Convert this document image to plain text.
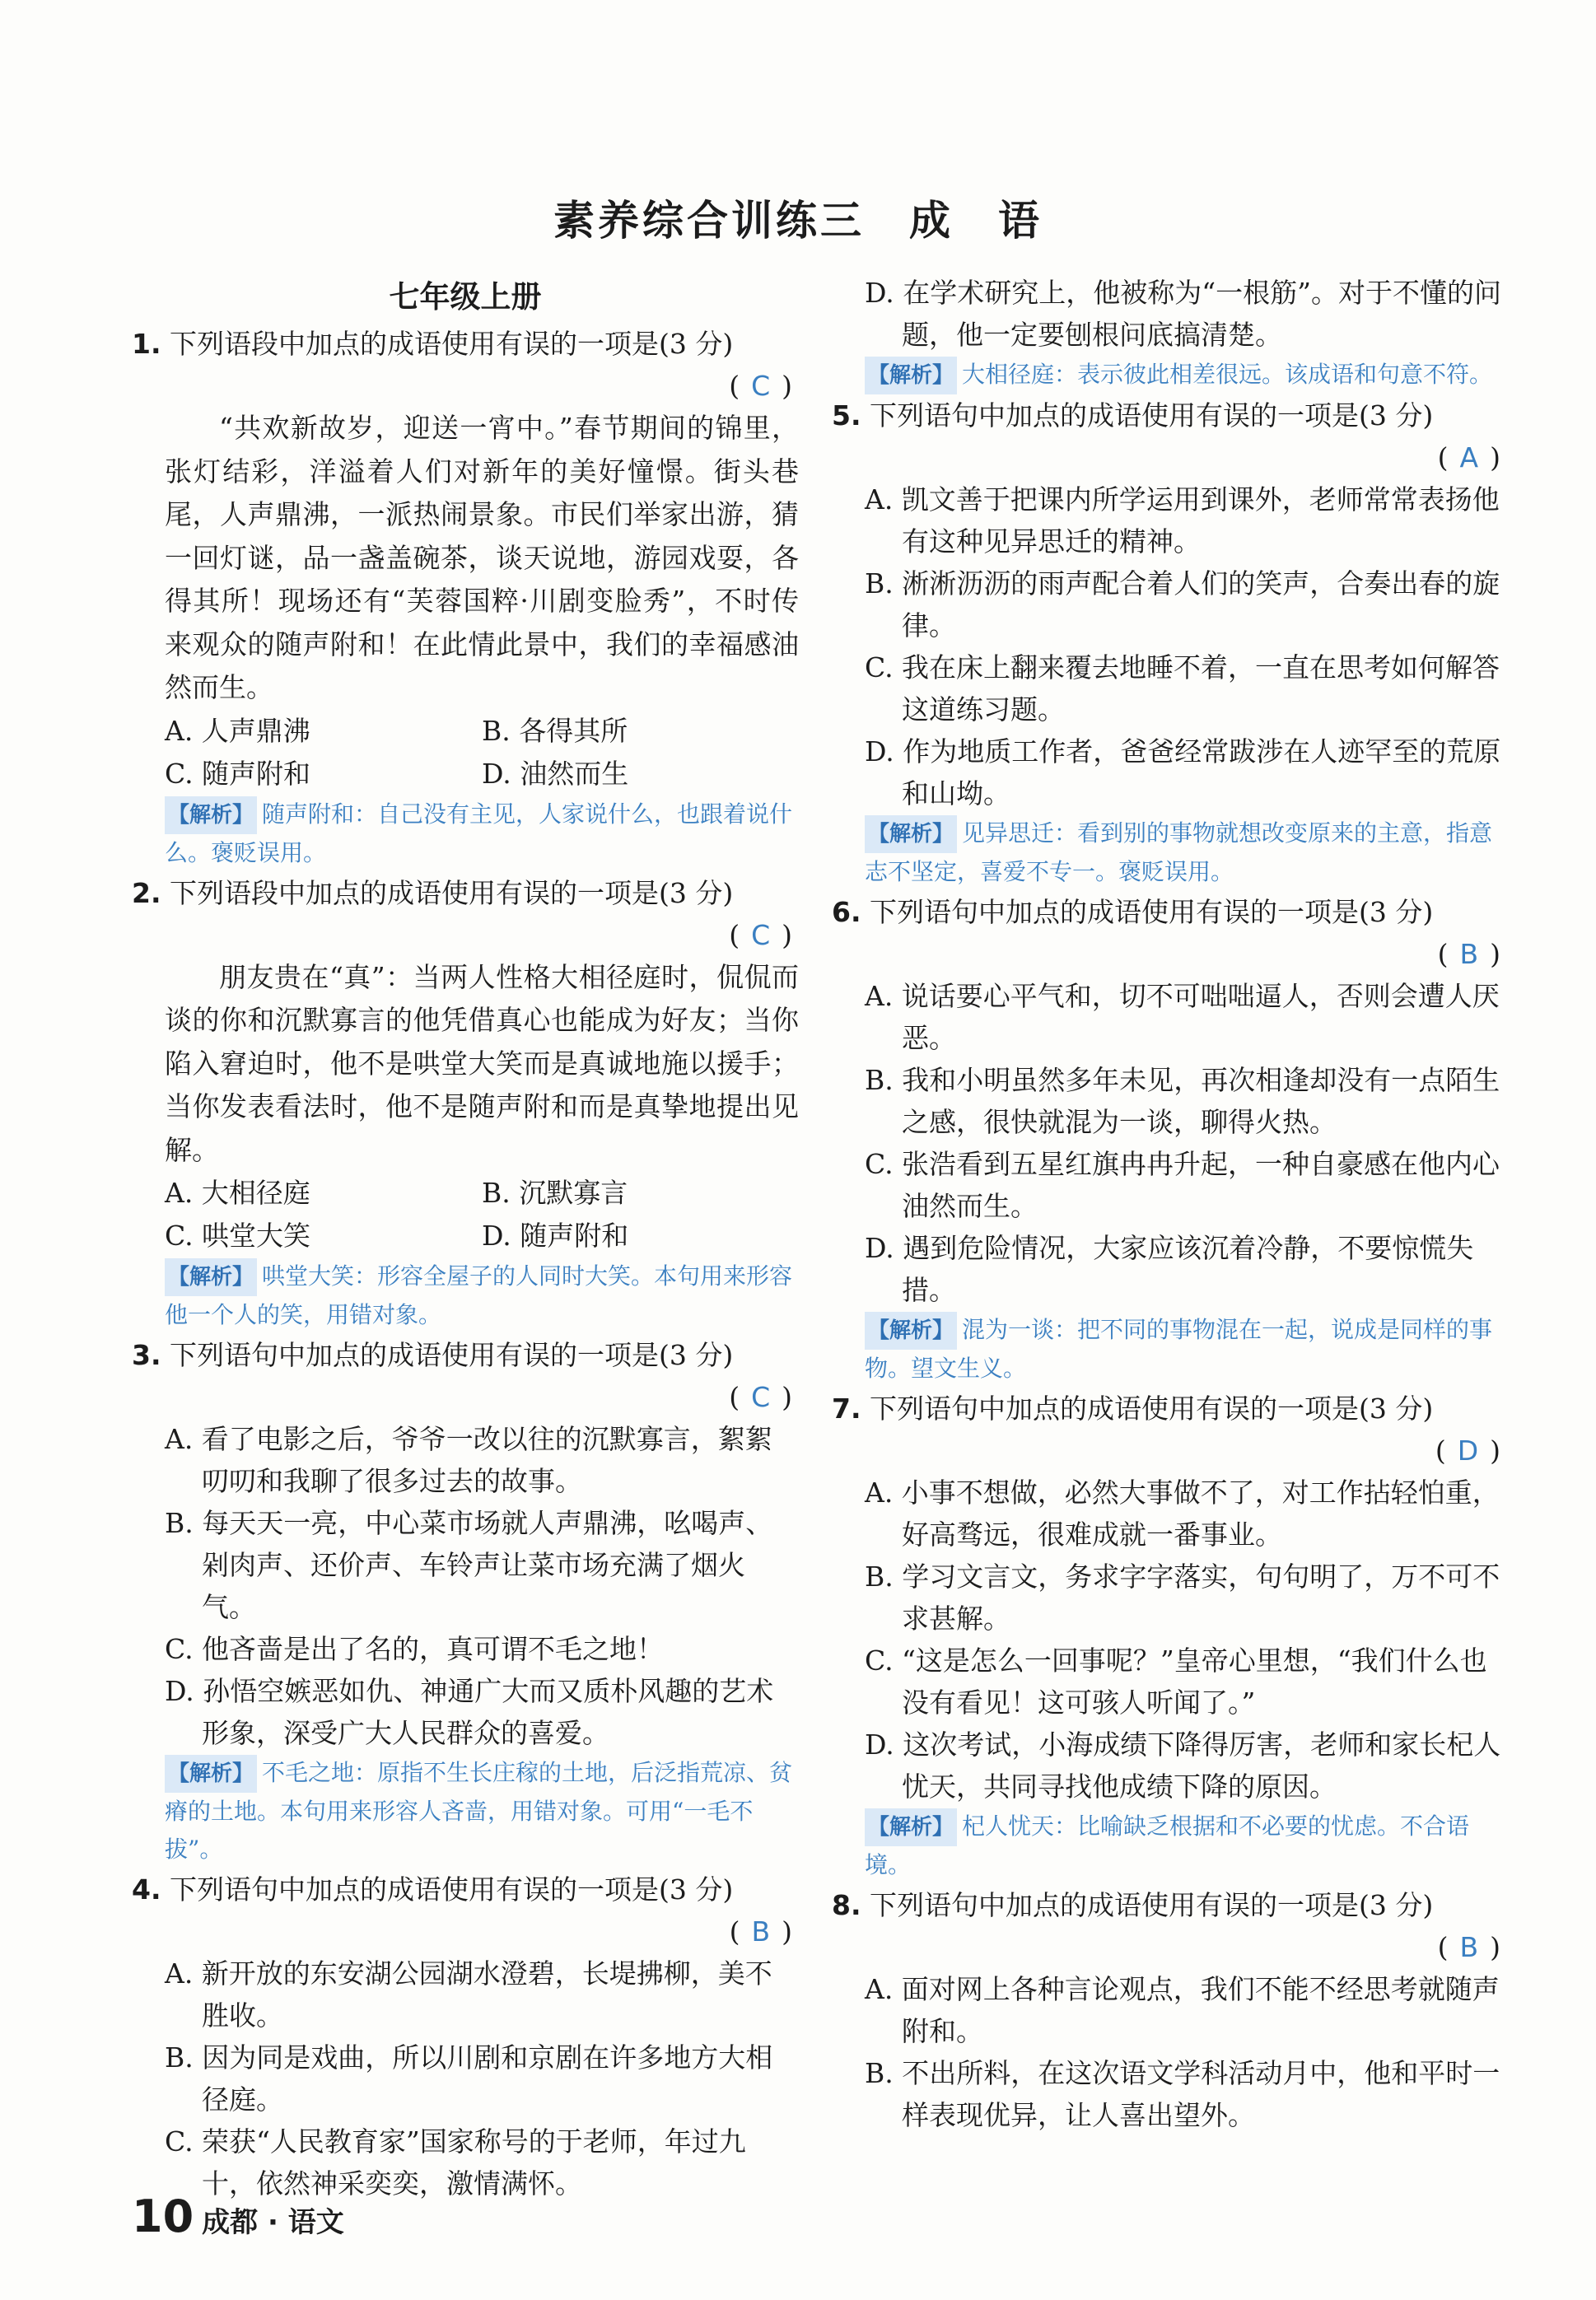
素养综合训练三　成　语
七年级上册
1. 下列语段中加点的成语使用有误的一项是(3 分)
( C )
“共欢新故岁，迎送一宵中。”春节期间的锦里，张灯结彩，洋溢着人们对新年的美好憧憬。街头巷尾，人声鼎沸，一派热闹景象。市民们举家出游，猜一回灯谜，品一盏盖碗茶，谈天说地，游园戏耍，各得其所！现场还有“芙蓉国粹·川剧变脸秀”，不时传来观众的随声附和！在此情此景中，我们的幸福感油然而生。
A. 人声鼎沸	B. 各得其所
C. 随声附和	D. 油然而生
【解析】 随声附和：自己没有主见，人家说什么，也跟着说什么。褒贬误用。
2. 下列语段中加点的成语使用有误的一项是(3 分)
( C )
朋友贵在“真”：当两人性格大相径庭时，侃侃而谈的你和沉默寡言的他凭借真心也能成为好友；当你陷入窘迫时，他不是哄堂大笑而是真诚地施以援手；当你发表看法时，他不是随声附和而是真挚地提出见解。
A. 大相径庭	B. 沉默寡言
C. 哄堂大笑	D. 随声附和
【解析】 哄堂大笑：形容全屋子的人同时大笑。本句用来形容他一个人的笑，用错对象。
3. 下列语句中加点的成语使用有误的一项是(3 分)
( C )
A. 看了电影之后，爷爷一改以往的沉默寡言，絮絮叨叨和我聊了很多过去的故事。
B. 每天天一亮，中心菜市场就人声鼎沸，吆喝声、剁肉声、还价声、车铃声让菜市场充满了烟火气。
C. 他吝啬是出了名的，真可谓不毛之地！
D. 孙悟空嫉恶如仇、神通广大而又质朴风趣的艺术形象，深受广大人民群众的喜爱。
【解析】 不毛之地：原指不生长庄稼的土地，后泛指荒凉、贫瘠的土地。本句用来形容人吝啬，用错对象。可用“一毛不拔”。
4. 下列语句中加点的成语使用有误的一项是(3 分)
( B )
A. 新开放的东安湖公园湖水澄碧，长堤拂柳，美不胜收。
B. 因为同是戏曲，所以川剧和京剧在许多地方大相径庭。
C. 荣获“人民教育家”国家称号的于老师，年过九十，依然神采奕奕，激情满怀。
D. 在学术研究上，他被称为“一根筋”。对于不懂的问题，他一定要刨根问底搞清楚。
【解析】 大相径庭：表示彼此相差很远。该成语和句意不符。
5. 下列语句中加点的成语使用有误的一项是(3 分)
( A )
A. 凯文善于把课内所学运用到课外，老师常常表扬他有这种见异思迁的精神。
B. 淅淅沥沥的雨声配合着人们的笑声，合奏出春的旋律。
C. 我在床上翻来覆去地睡不着，一直在思考如何解答这道练习题。
D. 作为地质工作者，爸爸经常跋涉在人迹罕至的荒原和山坳。
【解析】 见异思迁：看到别的事物就想改变原来的主意，指意志不坚定，喜爱不专一。褒贬误用。
6. 下列语句中加点的成语使用有误的一项是(3 分)
( B )
A. 说话要心平气和，切不可咄咄逼人，否则会遭人厌恶。
B. 我和小明虽然多年未见，再次相逢却没有一点陌生之感，很快就混为一谈，聊得火热。
C. 张浩看到五星红旗冉冉升起，一种自豪感在他内心油然而生。
D. 遇到危险情况，大家应该沉着冷静，不要惊慌失措。
【解析】 混为一谈：把不同的事物混在一起，说成是同样的事物。望文生义。
7. 下列语句中加点的成语使用有误的一项是(3 分)
( D )
A. 小事不想做，必然大事做不了，对工作拈轻怕重，好高骛远，很难成就一番事业。
B. 学习文言文，务求字字落实，句句明了，万不可不求甚解。
C. “这是怎么一回事呢？”皇帝心里想，“我们什么也没有看见！这可骇人听闻了。”
D. 这次考试，小海成绩下降得厉害，老师和家长杞人忧天，共同寻找他成绩下降的原因。
【解析】 杞人忧天：比喻缺乏根据和不必要的忧虑。不合语境。
8. 下列语句中加点的成语使用有误的一项是(3 分)
( B )
A. 面对网上各种言论观点，我们不能不经思考就随声附和。
B. 不出所料，在这次语文学科活动月中，他和平时一样表现优异，让人喜出望外。
10 成都 · 语文
